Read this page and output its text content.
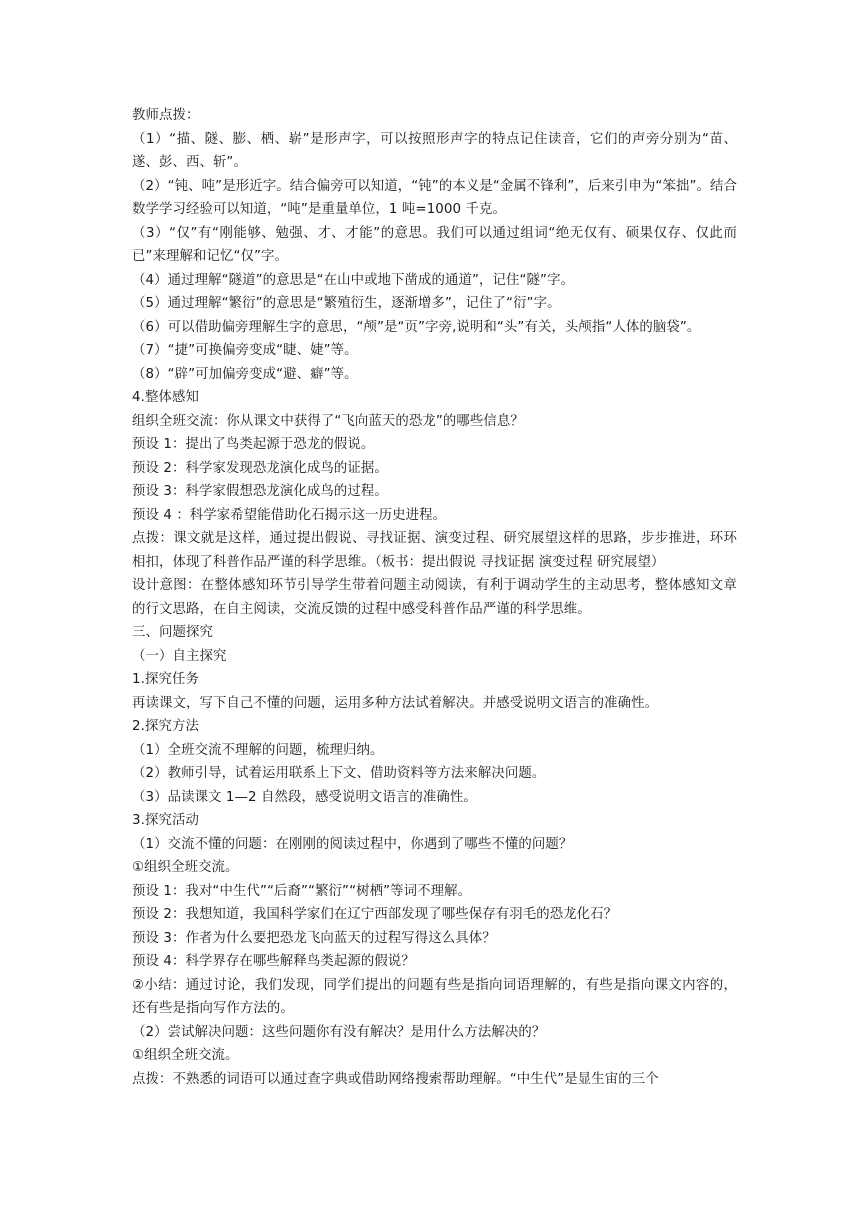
教师点拨：

（1）“描、隧、膨、栖、崭”是形声字，可以按照形声字的特点记住读音，它们的声旁分别为“苗、遂、彭、西、斩”。

（2）“钝、吨”是形近字。结合偏旁可以知道，“钝”的本义是“金属不锋利”，后来引申为“笨拙”。结合数学学习经验可以知道，“吨”是重量单位，1 吨=1000 千克。

（3）“仅”有“刚能够、勉强、才、才能”的意思。我们可以通过组词“绝无仅有、硕果仅存、仅此而已”来理解和记忆“仅”字。

（4）通过理解“隧道”的意思是“在山中或地下凿成的通道”，记住“隧”字。

（5）通过理解“繁衍”的意思是“繁殖衍生，逐渐增多”，记住了“衍”字。

（6）可以借助偏旁理解生字的意思，“颅”是“页”字旁,说明和“头”有关，头颅指“人体的脑袋”。

（7）“捷”可换偏旁变成“睫、婕”等。

（8）“辟”可加偏旁变成“避、癖”等。

4.整体感知

组织全班交流：你从课文中获得了“飞向蓝天的恐龙”的哪些信息？

预设 1：提出了鸟类起源于恐龙的假说。

预设 2：科学家发现恐龙演化成鸟的证据。

预设 3：科学家假想恐龙演化成鸟的过程。

预设 4 ：科学家希望能借助化石揭示这一历史进程。

点拨：课文就是这样，通过提出假说、寻找证据、演变过程、研究展望这样的思路，步步推进，环环相扣，体现了科普作品严谨的科学思维。（板书：提出假说 寻找证据 演变过程 研究展望）

设计意图：在整体感知环节引导学生带着问题主动阅读，有利于调动学生的主动思考，整体感知文章的行文思路，在自主阅读，交流反馈的过程中感受科普作品严谨的科学思维。

三、问题探究

（一）自主探究

1.探究任务

再读课文，写下自己不懂的问题，运用多种方法试着解决。并感受说明文语言的准确性。

2.探究方法

（1）全班交流不理解的问题，梳理归纳。

（2）教师引导，试着运用联系上下文、借助资料等方法来解决问题。

（3）品读课文 1—2 自然段，感受说明文语言的准确性。

3.探究活动

（1）交流不懂的问题：在刚刚的阅读过程中，你遇到了哪些不懂的问题？

①组织全班交流。

预设 1：我对“中生代”“后裔”“繁衍”“树栖”等词不理解。

预设 2：我想知道，我国科学家们在辽宁西部发现了哪些保存有羽毛的恐龙化石？

预设 3：作者为什么要把恐龙飞向蓝天的过程写得这么具体？

预设 4：科学界存在哪些解释鸟类起源的假说？

②小结：通过讨论，我们发现，同学们提出的问题有些是指向词语理解的，有些是指向课文内容的，还有些是指向写作方法的。

（2）尝试解决问题：这些问题你有没有解决？是用什么方法解决的？

①组织全班交流。

点拨：不熟悉的词语可以通过查字典或借助网络搜索帮助理解。“中生代”是显生宙的三个
